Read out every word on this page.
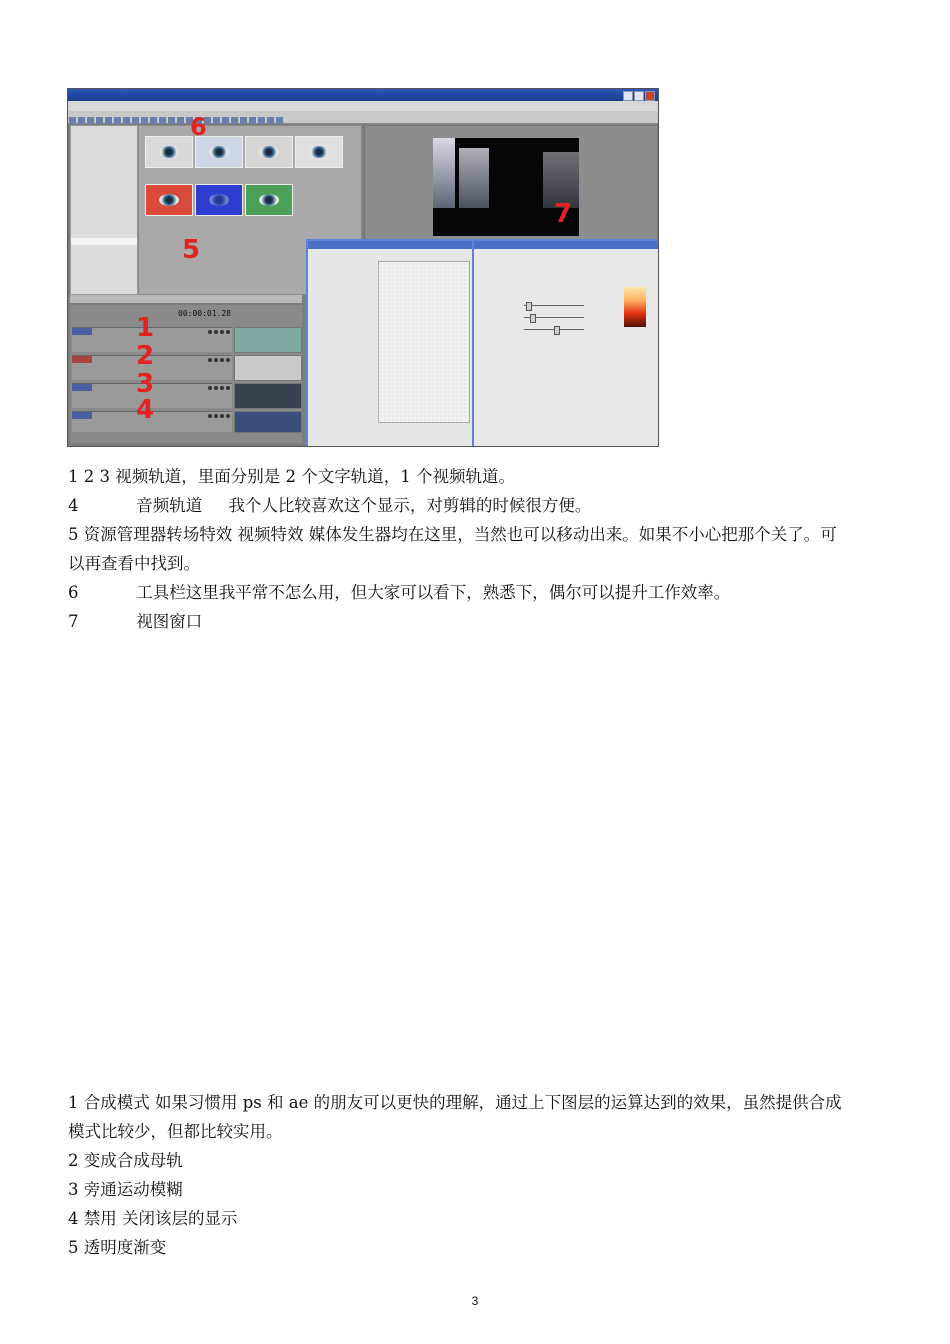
00:00:01.28
1
2
3
4
5
6
7
1 2 3 视频轨道，里面分别是 2 个文字轨道，1 个视频轨道。
4           音频轨道     我个人比较喜欢这个显示，对剪辑的时候很方便。
5 资源管理器转场特效 视频特效 媒体发生器均在这里，当然也可以移动出来。如果不小心把那个关了。可以再查看中找到。
6           工具栏这里我平常不怎么用，但大家可以看下，熟悉下，偶尔可以提升工作效率。
7           视图窗口
1 合成模式 如果习惯用 ps 和 ae 的朋友可以更快的理解，通过上下图层的运算达到的效果，虽然提供合成模式比较少，但都比较实用。
2 变成合成母轨
3 旁通运动模糊
4 禁用 关闭该层的显示
5 透明度渐变
3
